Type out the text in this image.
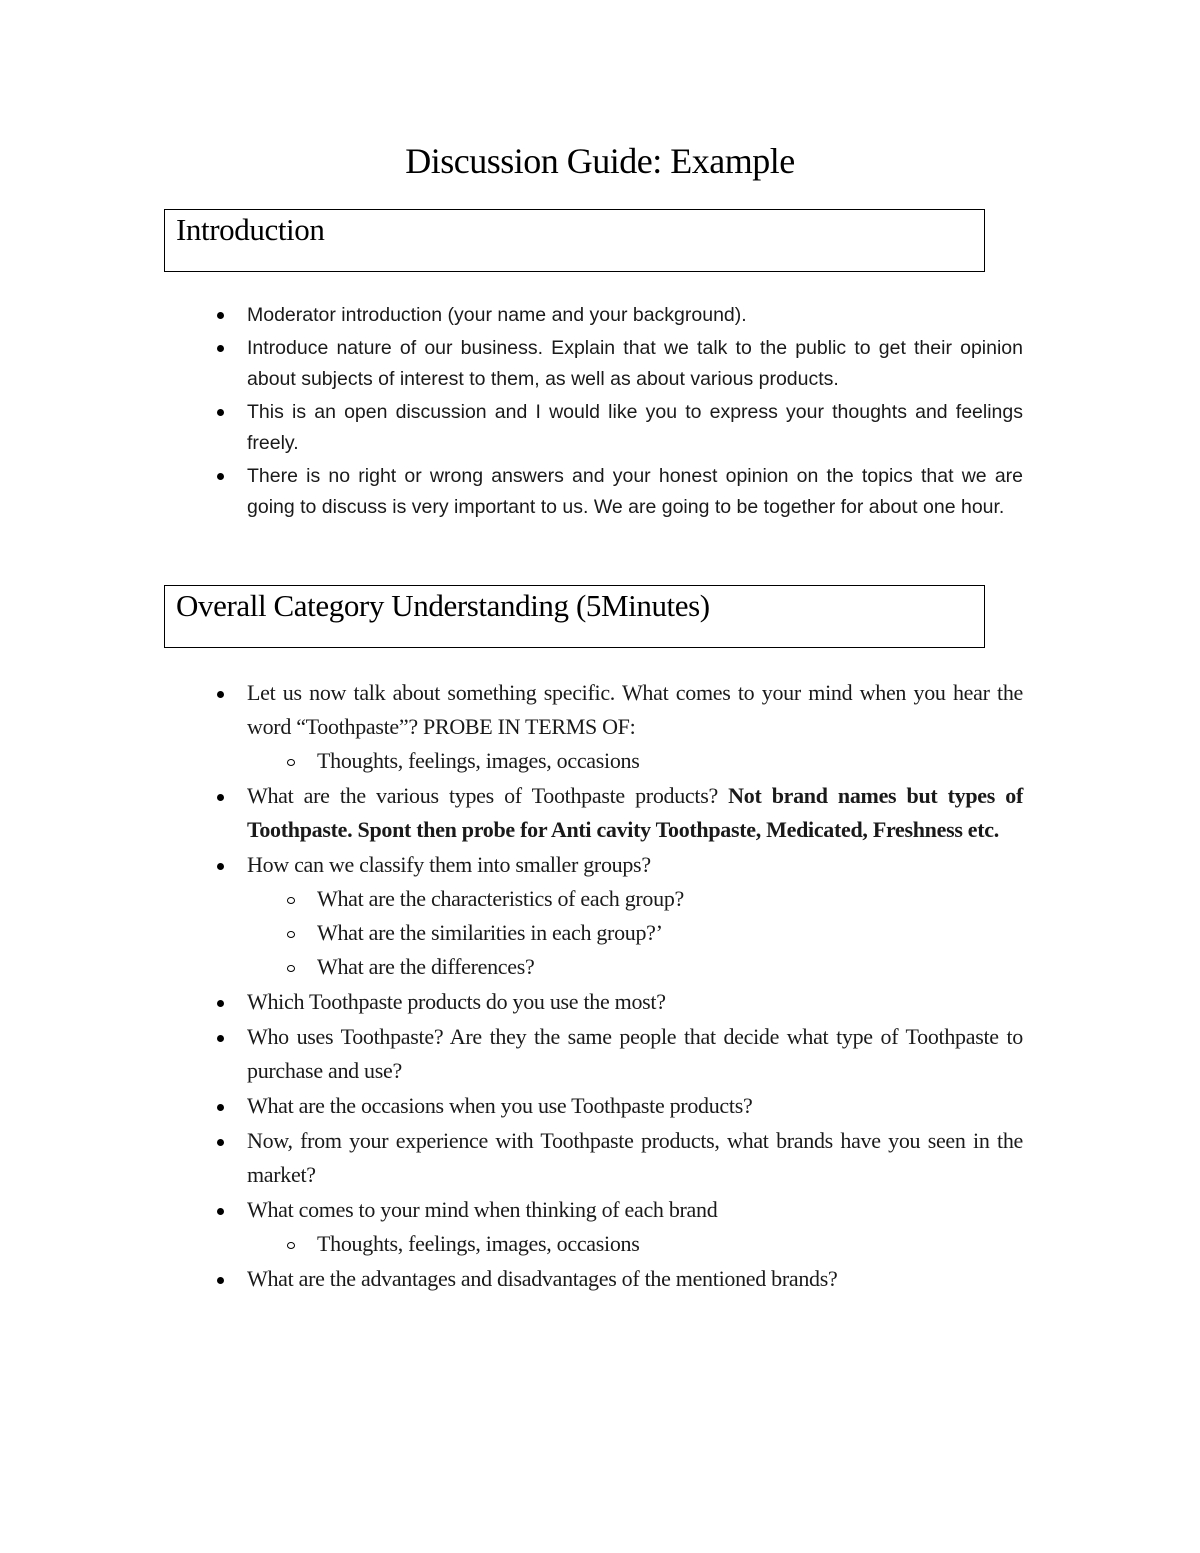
Discussion Guide: Example
Introduction
Moderator introduction (your name and your background).
Introduce nature of our business. Explain that we talk to the public to get their opinion about subjects of interest to them, as well as about various products.
This is an open discussion and I would like you to express your thoughts and feelings freely.
There is no right or wrong answers and your honest opinion on the topics that we are going to discuss is very important to us. We are going to be together for about one hour.
Overall Category Understanding (5Minutes)
Let us now talk about something specific. What comes to your mind when you hear the word “Toothpaste”? PROBE IN TERMS OF:
Thoughts, feelings, images, occasions
What are the various types of Toothpaste products? Not brand names but types of Toothpaste. Spont then probe for Anti cavity Toothpaste, Medicated, Freshness etc.
How can we classify them into smaller groups?
What are the characteristics of each group?
What are the similarities in each group?’
What are the differences?
Which Toothpaste products do you use the most?
Who uses Toothpaste? Are they the same people that decide what type of Toothpaste to purchase and use?
What are the occasions when you use Toothpaste products?
Now, from your experience with Toothpaste products, what brands have you seen in the market?
What comes to your mind when thinking of each brand
Thoughts, feelings, images, occasions
What are the advantages and disadvantages of the mentioned brands?
